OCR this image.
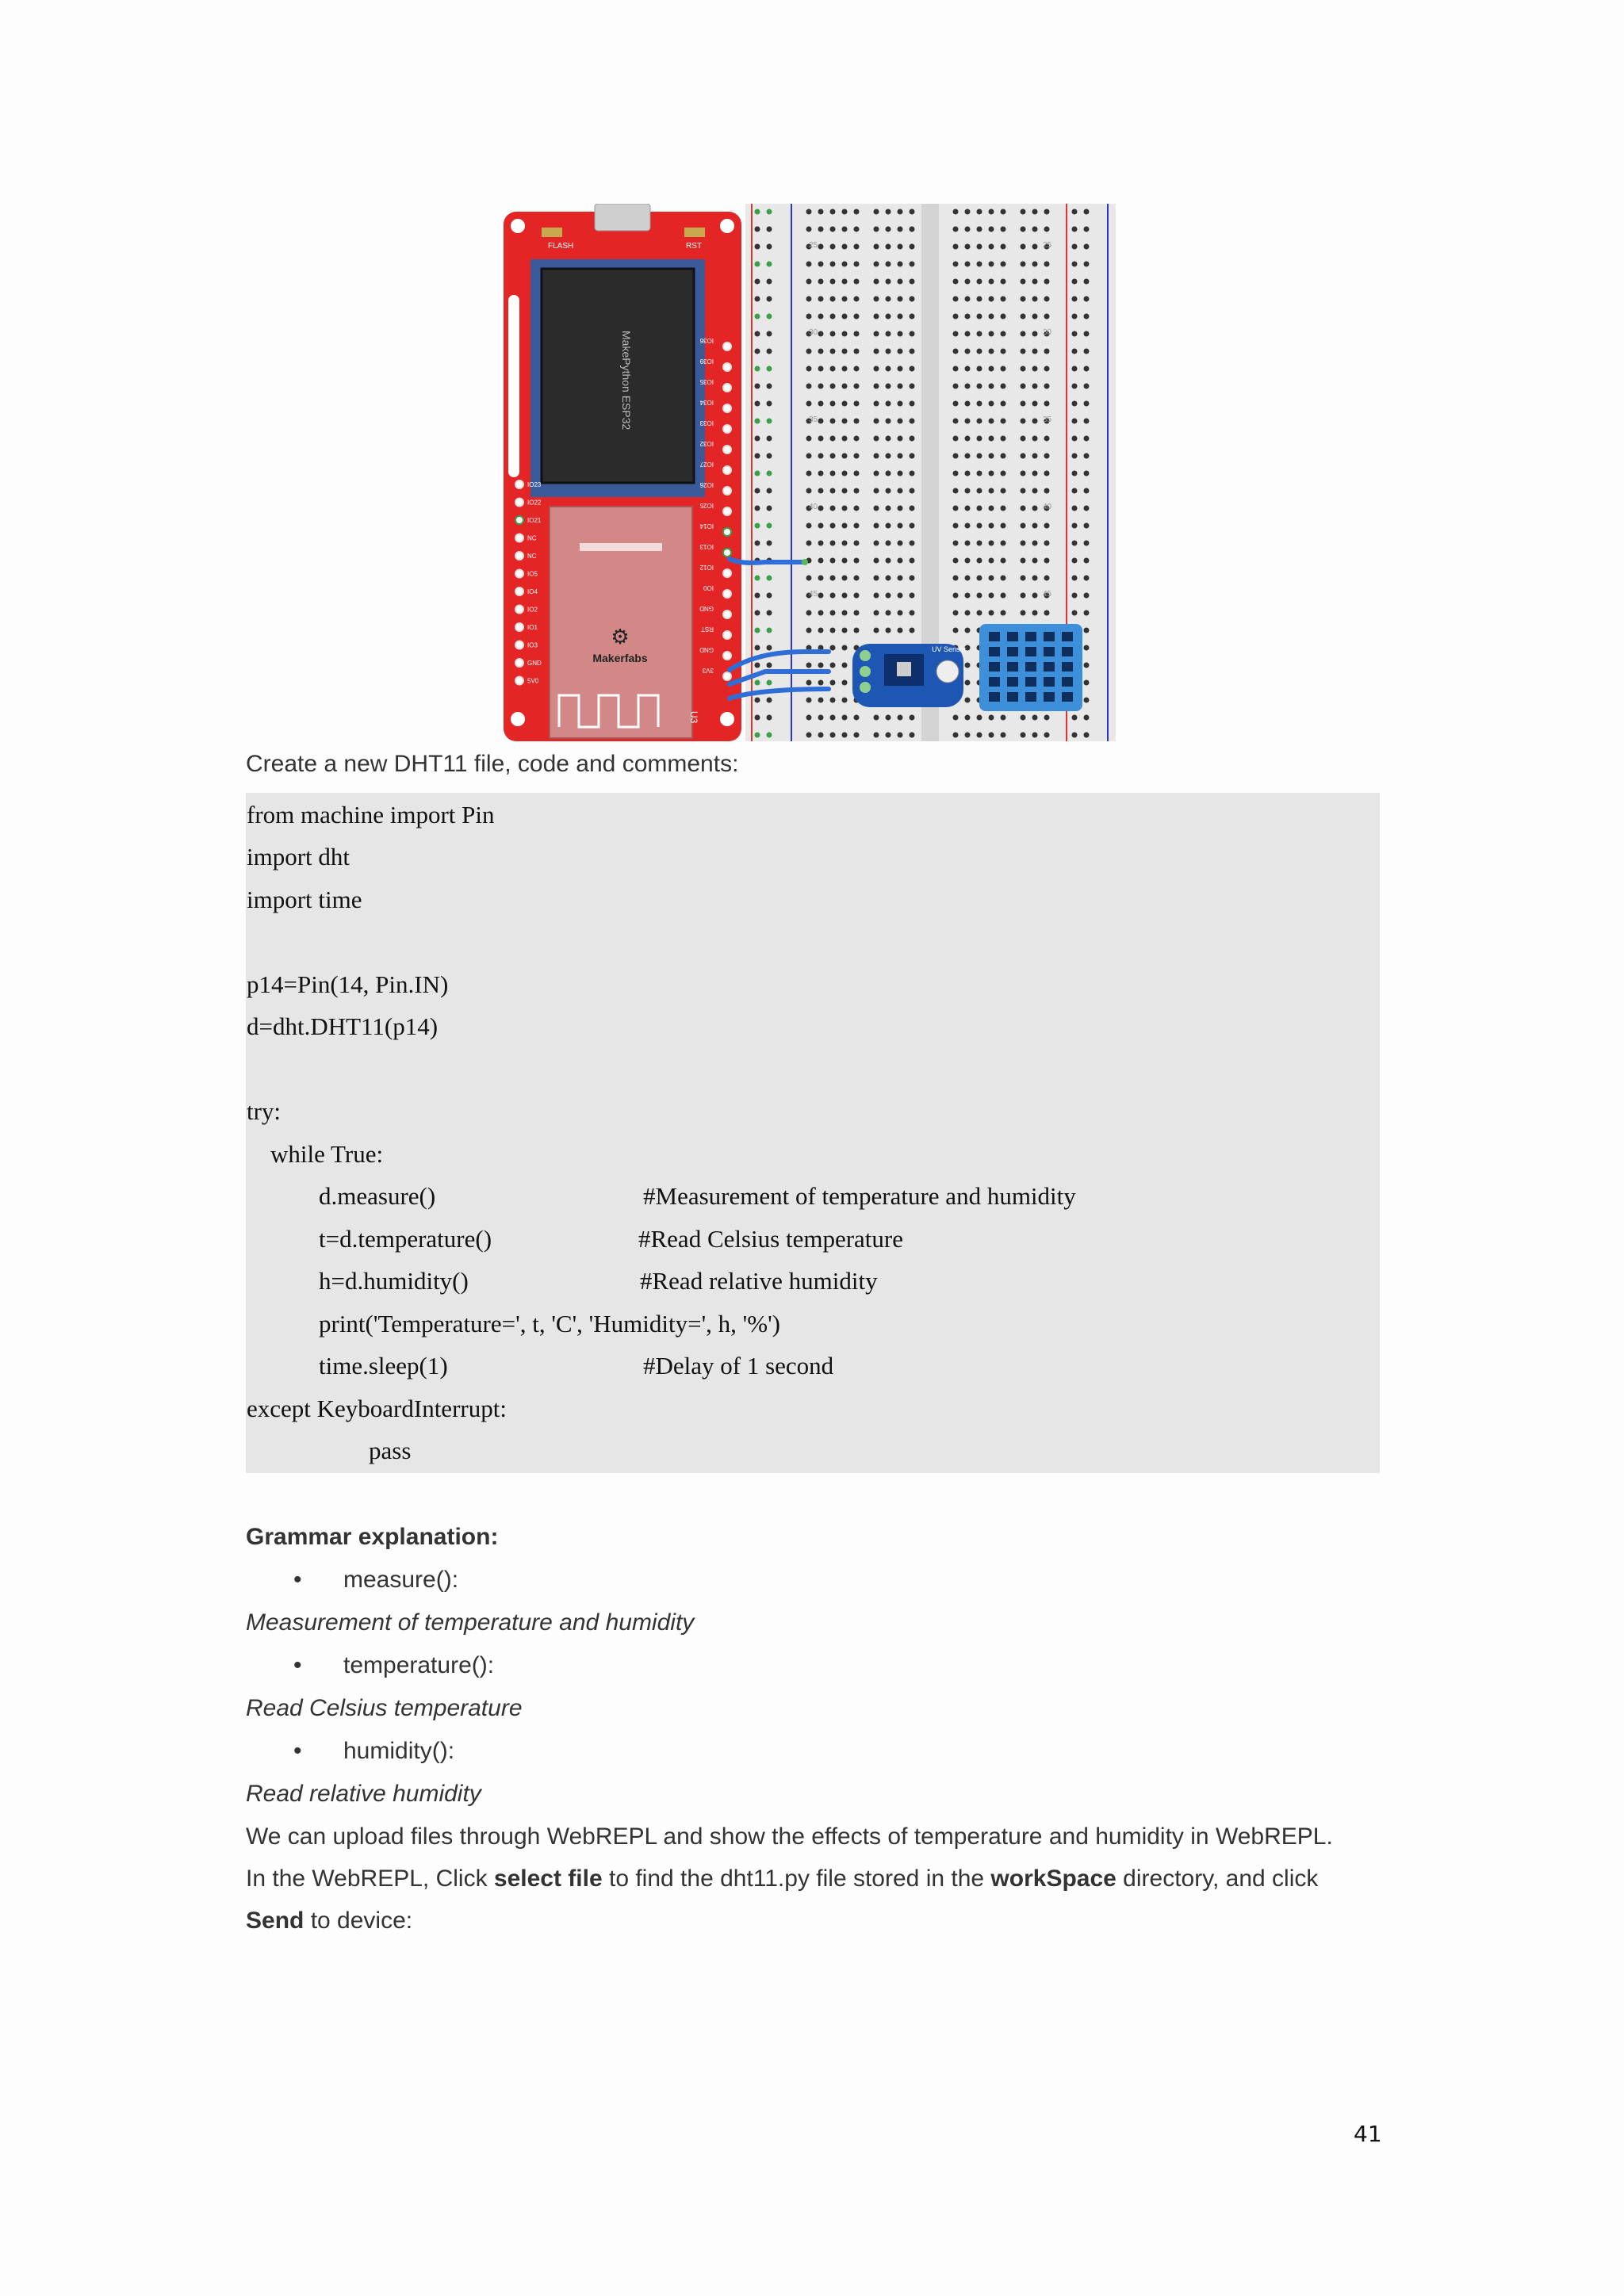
25
30
35
40
45
25
30
35
40
45
FLASH	RST
MakePython ESP32
⚙
Makerfabs
U3
IO23
IO22
IO21
NC
NC
IO5
IO4
IO2
IO1
IO3
GND
5V0
IO36
IO39
IO35
IO34
IO33
IO32
IO27
IO26
IO25
IO14
IO13
IO12
IO0
GND
RST
GND
3V3
UV Sensor
Create a new DHT11 file, code and comments:
from machine import Pin
import dht
import time
p14=Pin(14, Pin.IN)
d=dht.DHT11(p14)
try:
while True:
d.measure()	#Measurement of temperature and humidity
t=d.temperature()	#Read Celsius temperature
h=d.humidity()	#Read relative humidity
print('Temperature=', t, 'C', 'Humidity=', h, '%')
time.sleep(1)	#Delay of 1 second
except KeyboardInterrupt:
pass
Grammar explanation:
• measure():
Measurement of temperature and humidity
• temperature():
Read Celsius temperature
• humidity():
Read relative humidity
We can upload files through WebREPL and show the effects of temperature and humidity in WebREPL.
In the WebREPL, Click select file to find the dht11.py file stored in the workSpace directory, and click
Send to device:
41
